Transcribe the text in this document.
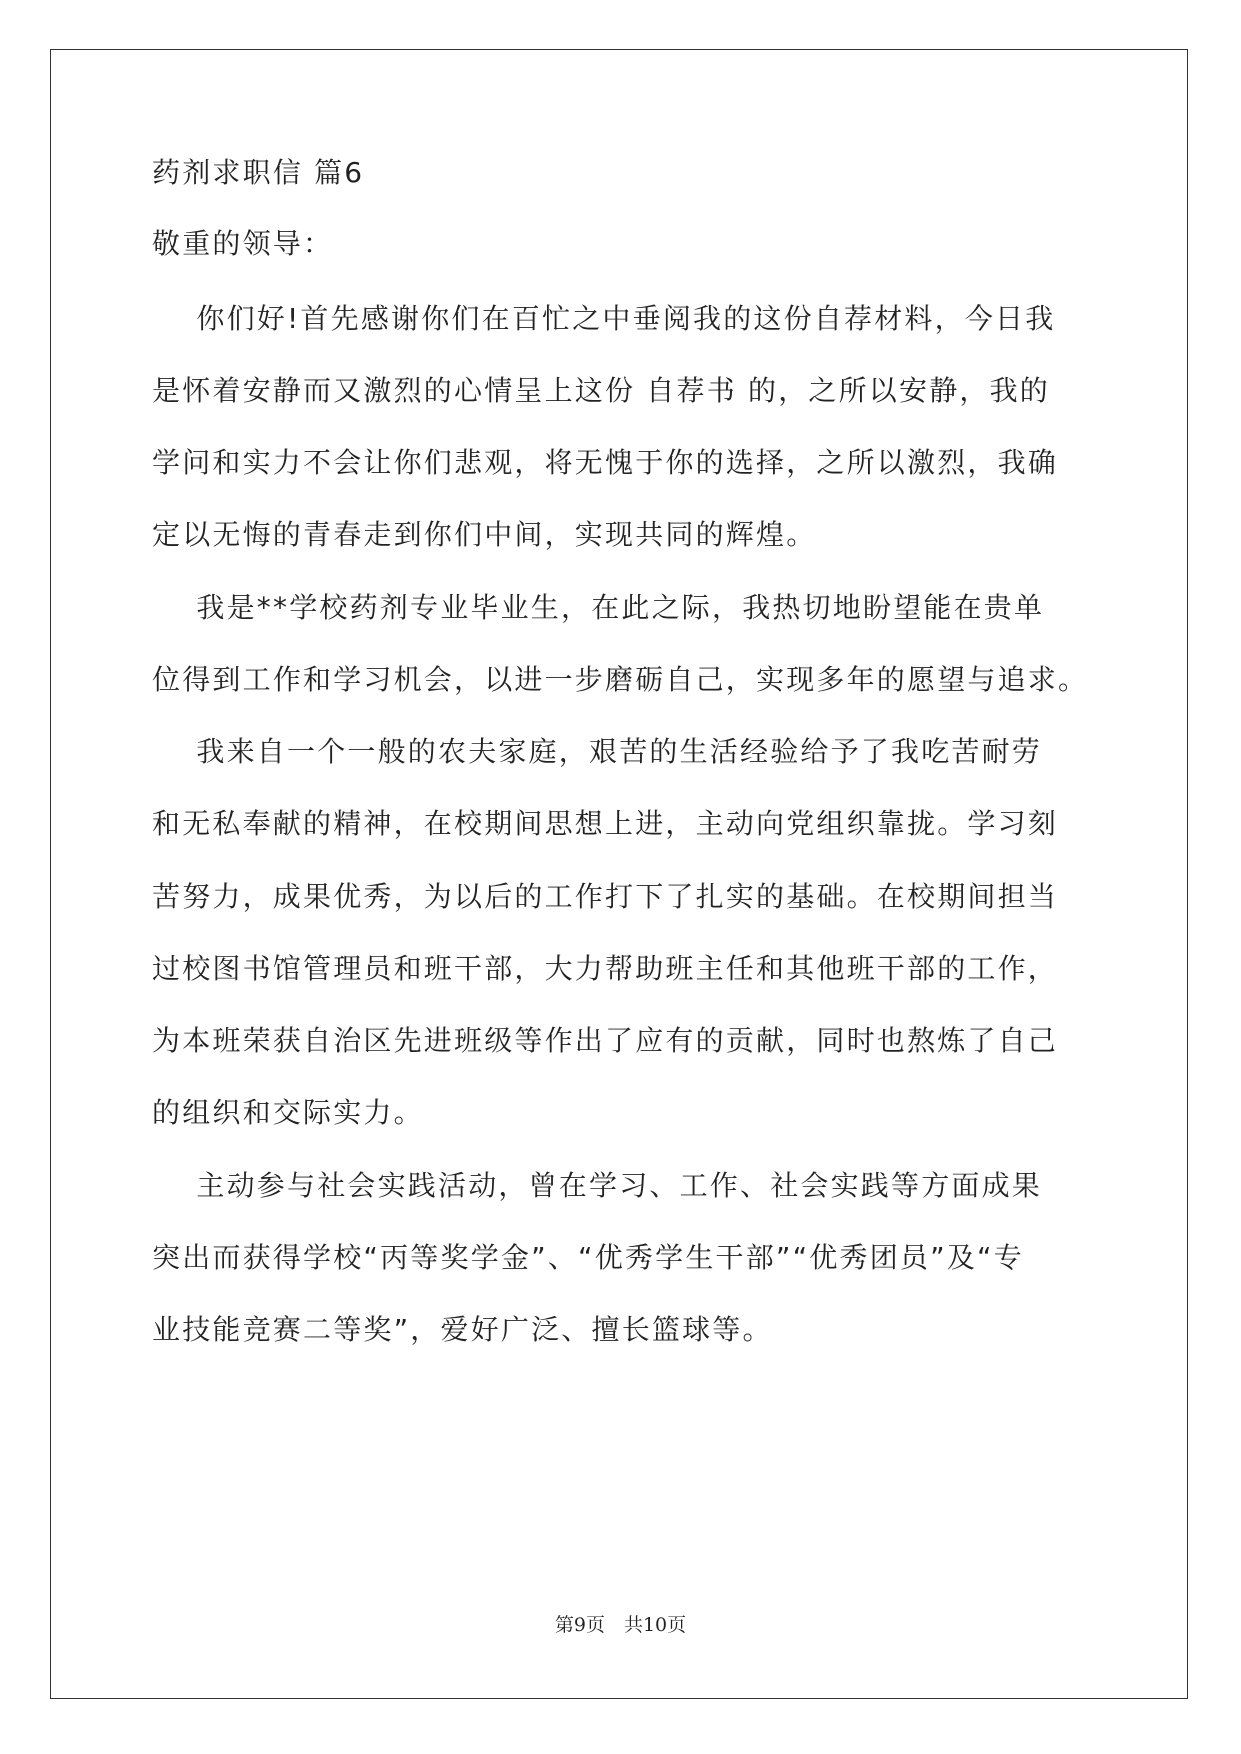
药剂求职信 篇6
敬重的领导：
你们好!首先感谢你们在百忙之中垂阅我的这份自荐材料，今日我
是怀着安静而又激烈的心情呈上这份 自荐书 的，之所以安静，我的
学问和实力不会让你们悲观，将无愧于你的选择，之所以激烈，我确
定以无悔的青春走到你们中间，实现共同的辉煌。
我是**学校药剂专业毕业生，在此之际，我热切地盼望能在贵单
位得到工作和学习机会，以进一步磨砺自己，实现多年的愿望与追求。
我来自一个一般的农夫家庭，艰苦的生活经验给予了我吃苦耐劳
和无私奉献的精神，在校期间思想上进，主动向党组织靠拢。学习刻
苦努力，成果优秀，为以后的工作打下了扎实的基础。在校期间担当
过校图书馆管理员和班干部，大力帮助班主任和其他班干部的工作，
为本班荣获自治区先进班级等作出了应有的贡献，同时也熬炼了自己
的组织和交际实力。
主动参与社会实践活动，曾在学习、工作、社会实践等方面成果
突出而获得学校“丙等奖学金”、“优秀学生干部”“优秀团员”及“专
业技能竞赛二等奖”，爱好广泛、擅长篮球等。
第9页　共10页
